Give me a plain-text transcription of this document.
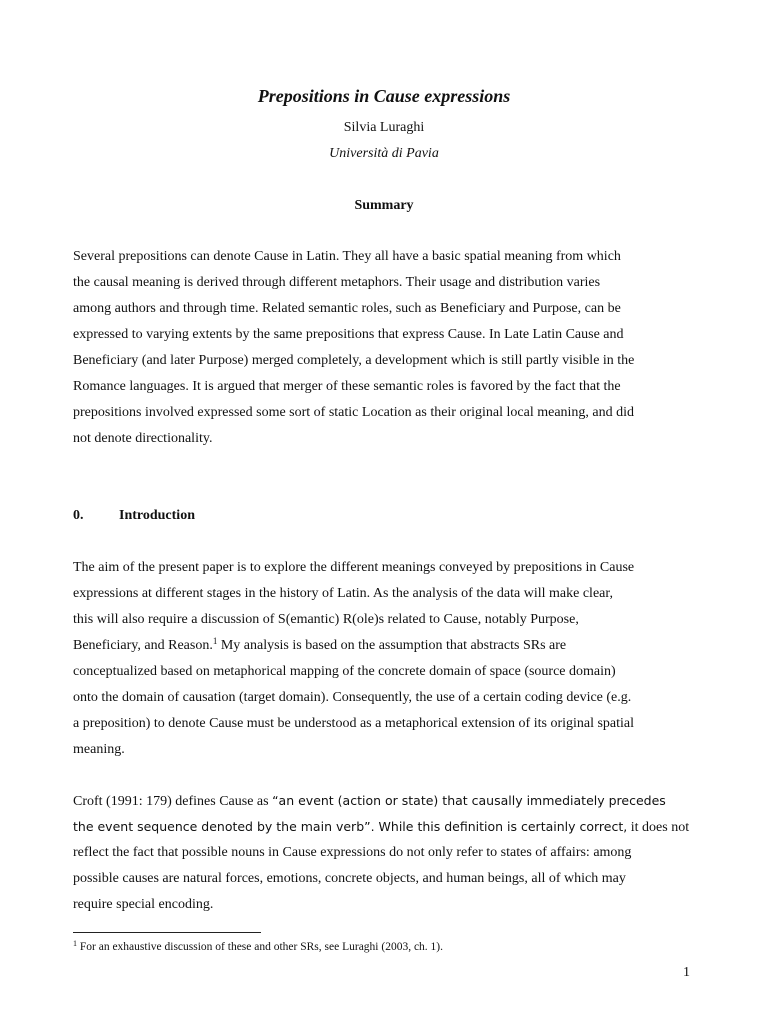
Prepositions in Cause expressions
Silvia Luraghi
Università di Pavia
Summary
Several prepositions can denote Cause in Latin. They all have a basic spatial meaning from which
the causal meaning is derived through different metaphors. Their usage and distribution varies
among authors and through time. Related semantic roles, such as Beneficiary and Purpose, can be
expressed to varying extents by the same prepositions that express Cause. In Late Latin Cause and
Beneficiary (and later Purpose) merged completely, a development which is still partly visible in the
Romance languages. It is argued that merger of these semantic roles is favored by the fact that the
prepositions involved expressed some sort of static Location as their original local meaning, and did
not denote directionality.
0.	Introduction
The aim of the present paper is to explore the different meanings conveyed by prepositions in Cause
expressions at different stages in the history of Latin. As the analysis of the data will make clear,
this will also require a discussion of S(emantic) R(ole)s related to Cause, notably Purpose,
Beneficiary, and Reason.$^1$ My analysis is based on the assumption that abstracts SRs are
conceptualized based on metaphorical mapping of the concrete domain of space (source domain)
onto the domain of causation (target domain). Consequently, the use of a certain coding device (e.g.
a preposition) to denote Cause must be understood as a metaphorical extension of its original spatial
meaning.
Croft (1991: 179) defines Cause as “an event (action or state) that causally immediately precedes
the event sequence denoted by the main verb”. While this definition is certainly correct, it does not
reflect the fact that possible nouns in Cause expressions do not only refer to states of affairs: among
possible causes are natural forces, emotions, concrete objects, and human beings, all of which may
require special encoding.
$^1$ For an exhaustive discussion of these and other SRs, see Luraghi (2003, ch. 1).
1
